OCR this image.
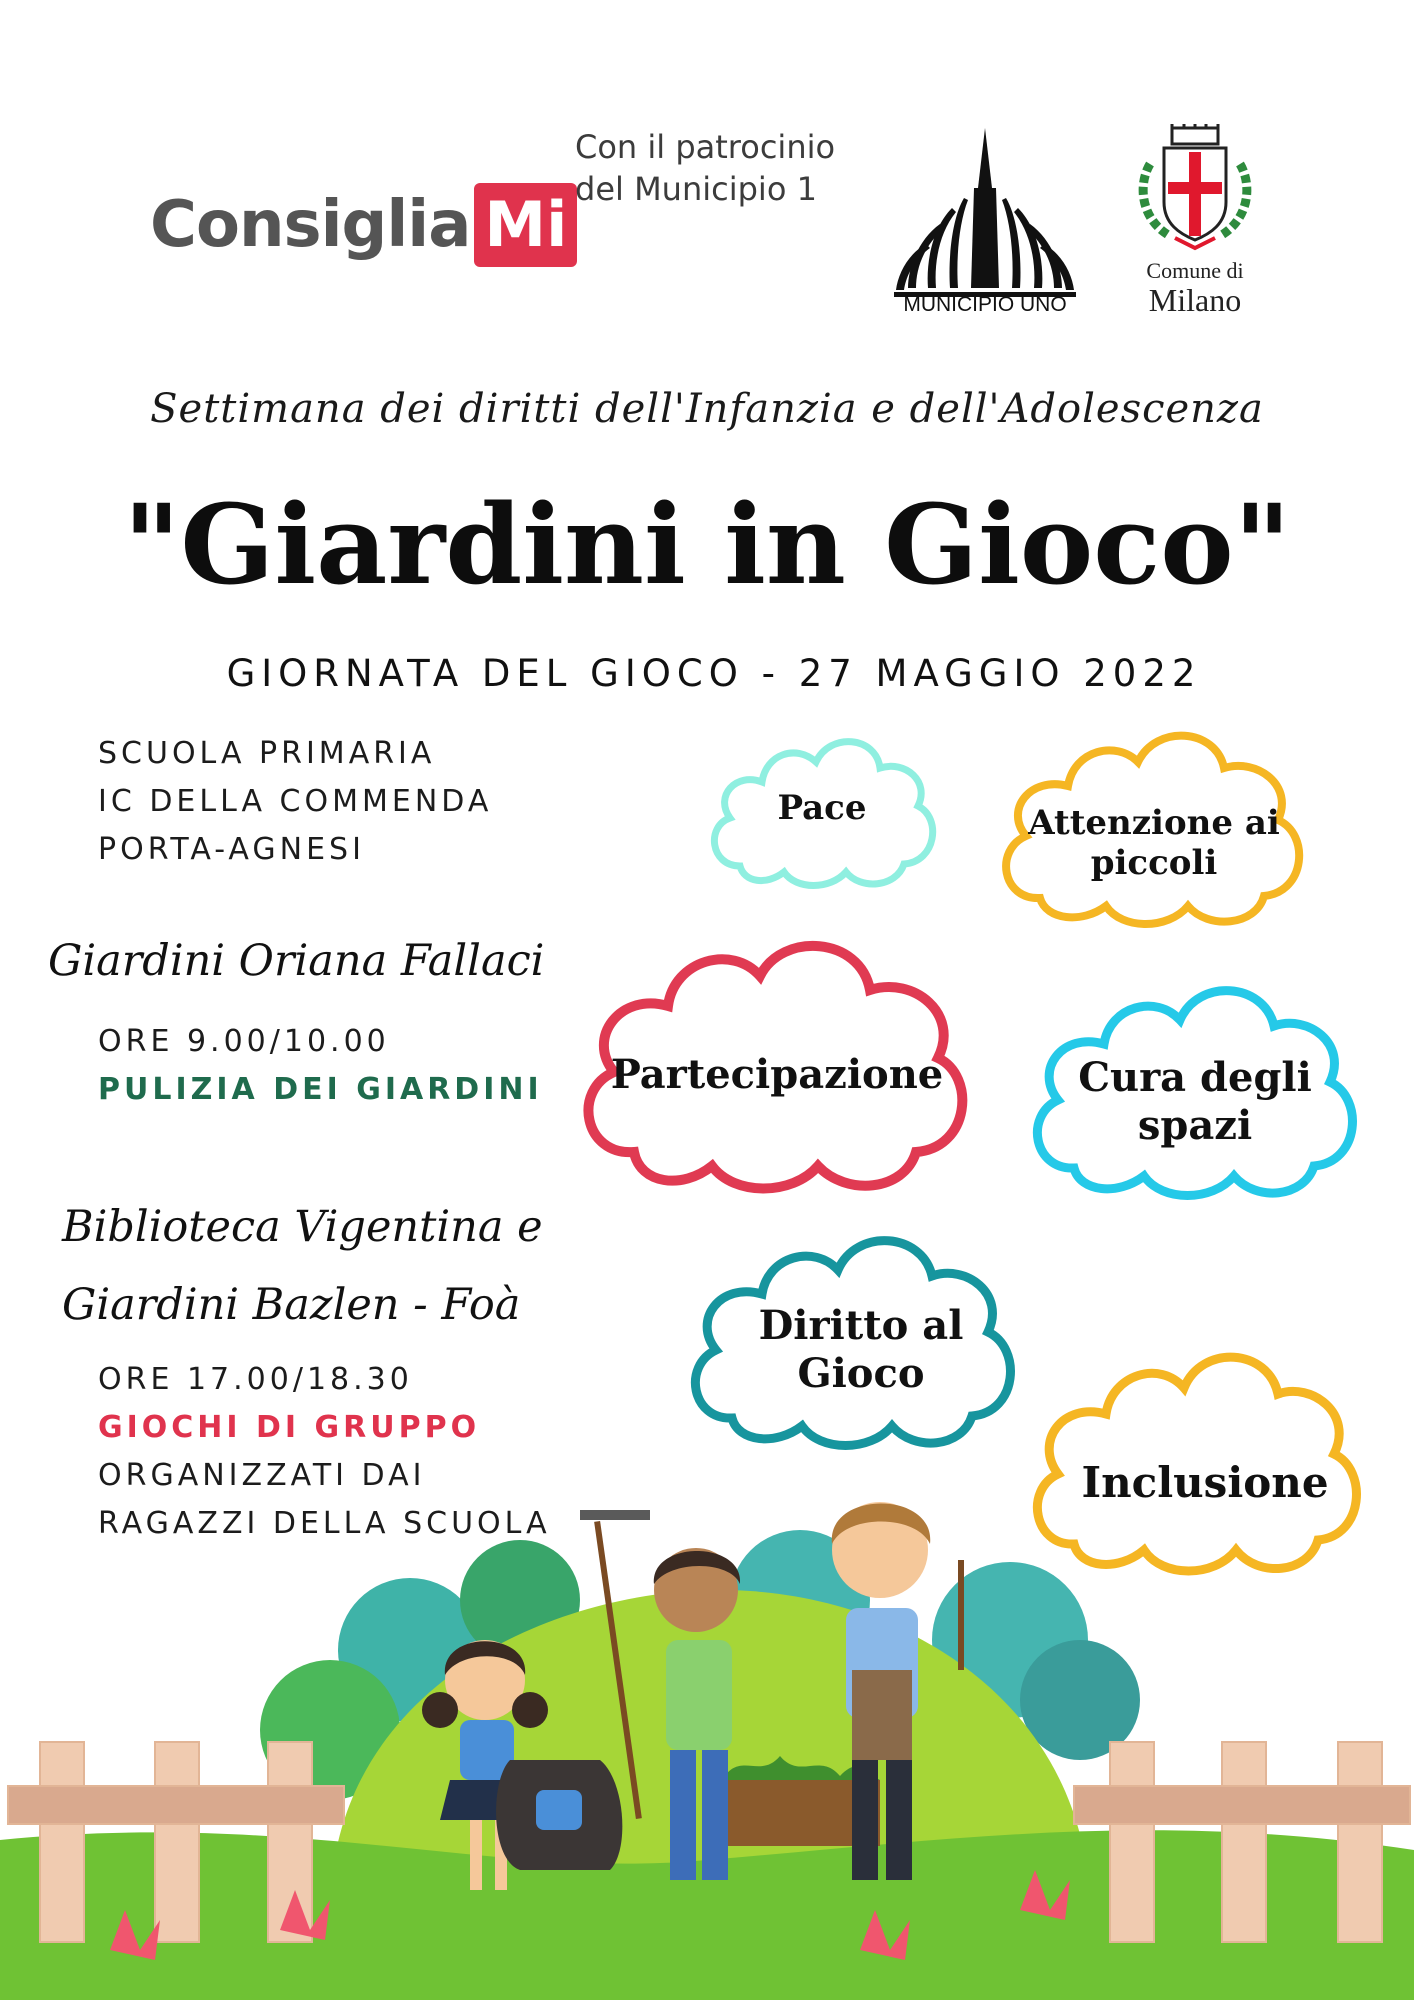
Consiglia Mi
Con il patrocinio
del Municipio 1
MUNICIPIO UNO
Comune di
Milano
Settimana dei diritti dell'Infanzia e dell'Adolescenza
"Giardini in Gioco"
GIORNATA DEL GIOCO - 27 MAGGIO 2022
SCUOLA PRIMARIA
IC DELLA COMMENDA
PORTA-AGNESI
Giardini Oriana Fallaci
ORE 9.00/10.00
PULIZIA DEI GIARDINI
Biblioteca Vigentina e
Giardini Bazlen - Foà
ORE 17.00/18.30
GIOCHI DI GRUPPO
ORGANIZZATI DAI
RAGAZZI DELLA SCUOLA
Pace	Attenzione ai
piccoli
Partecipazione	Cura degli
spazi
Diritto al
Gioco
Inclusione
